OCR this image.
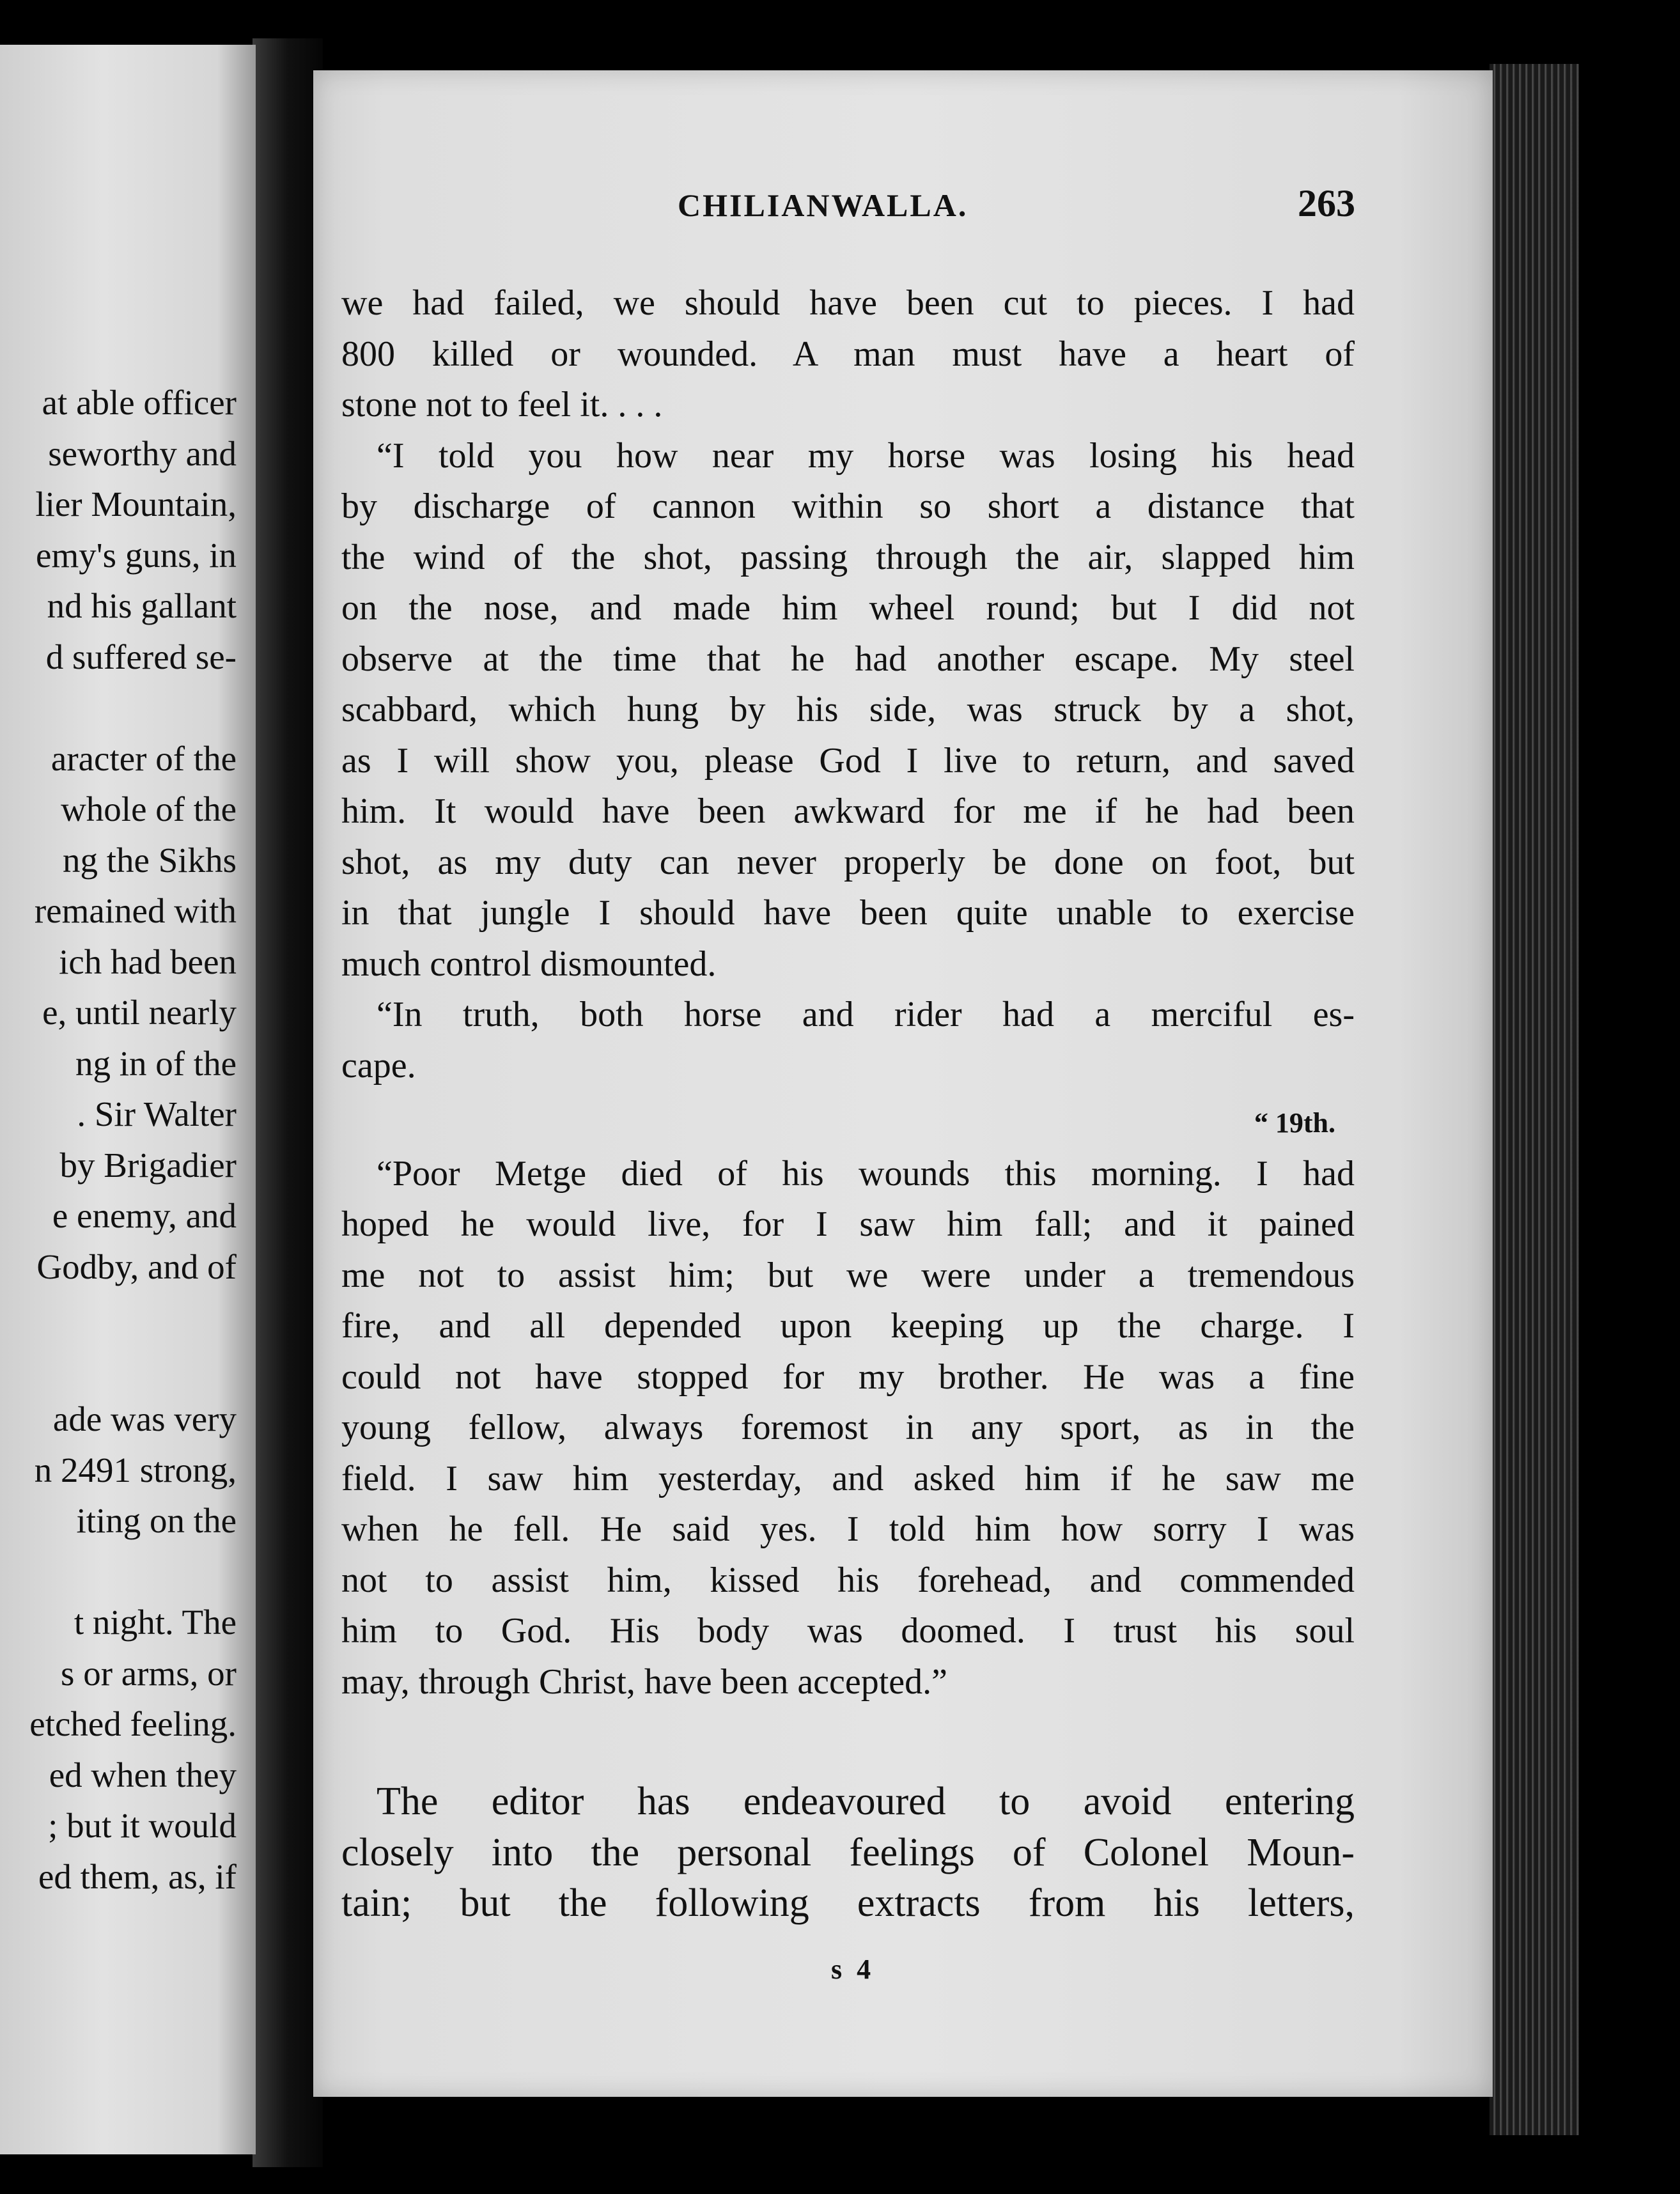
at able officer
seworthy and
lier Mountain,
emy's guns, in
nd his gallant
d suffered se-
aracter of the
whole of the
ng the Sikhs
remained with
ich had been
e, until nearly
ng in of the
. Sir Walter
by Brigadier
e enemy, and
Godby, and of
ade was very
n 2491 strong,
iting on the
t night. The
s or arms, or
etched feeling.
ed when they
; but it would
ed them, as, if
CHILIANWALLA.	263
we had failed, we should have been cut to pieces. I had
800 killed or wounded. A man must have a heart of
stone not to feel it. . . .
“I told you how near my horse was losing his head
by discharge of cannon within so short a distance that
the wind of the shot, passing through the air, slapped him
on the nose, and made him wheel round; but I did not
observe at the time that he had another escape. My steel
scabbard, which hung by his side, was struck by a shot,
as I will show you, please God I live to return, and saved
him. It would have been awkward for me if he had been
shot, as my duty can never properly be done on foot, but
in that jungle I should have been quite unable to exercise
much control dismounted.
“In truth, both horse and rider had a merciful es-
cape.
“ 19th.
“Poor Metge died of his wounds this morning. I had
hoped he would live, for I saw him fall; and it pained
me not to assist him; but we were under a tremendous
fire, and all depended upon keeping up the charge. I
could not have stopped for my brother. He was a fine
young fellow, always foremost in any sport, as in the
field. I saw him yesterday, and asked him if he saw me
when he fell. He said yes. I told him how sorry I was
not to assist him, kissed his forehead, and commended
him to God. His body was doomed. I trust his soul
may, through Christ, have been accepted.”
The editor has endeavoured to avoid entering
closely into the personal feelings of Colonel Moun-
tain; but the following extracts from his letters,
s 4
